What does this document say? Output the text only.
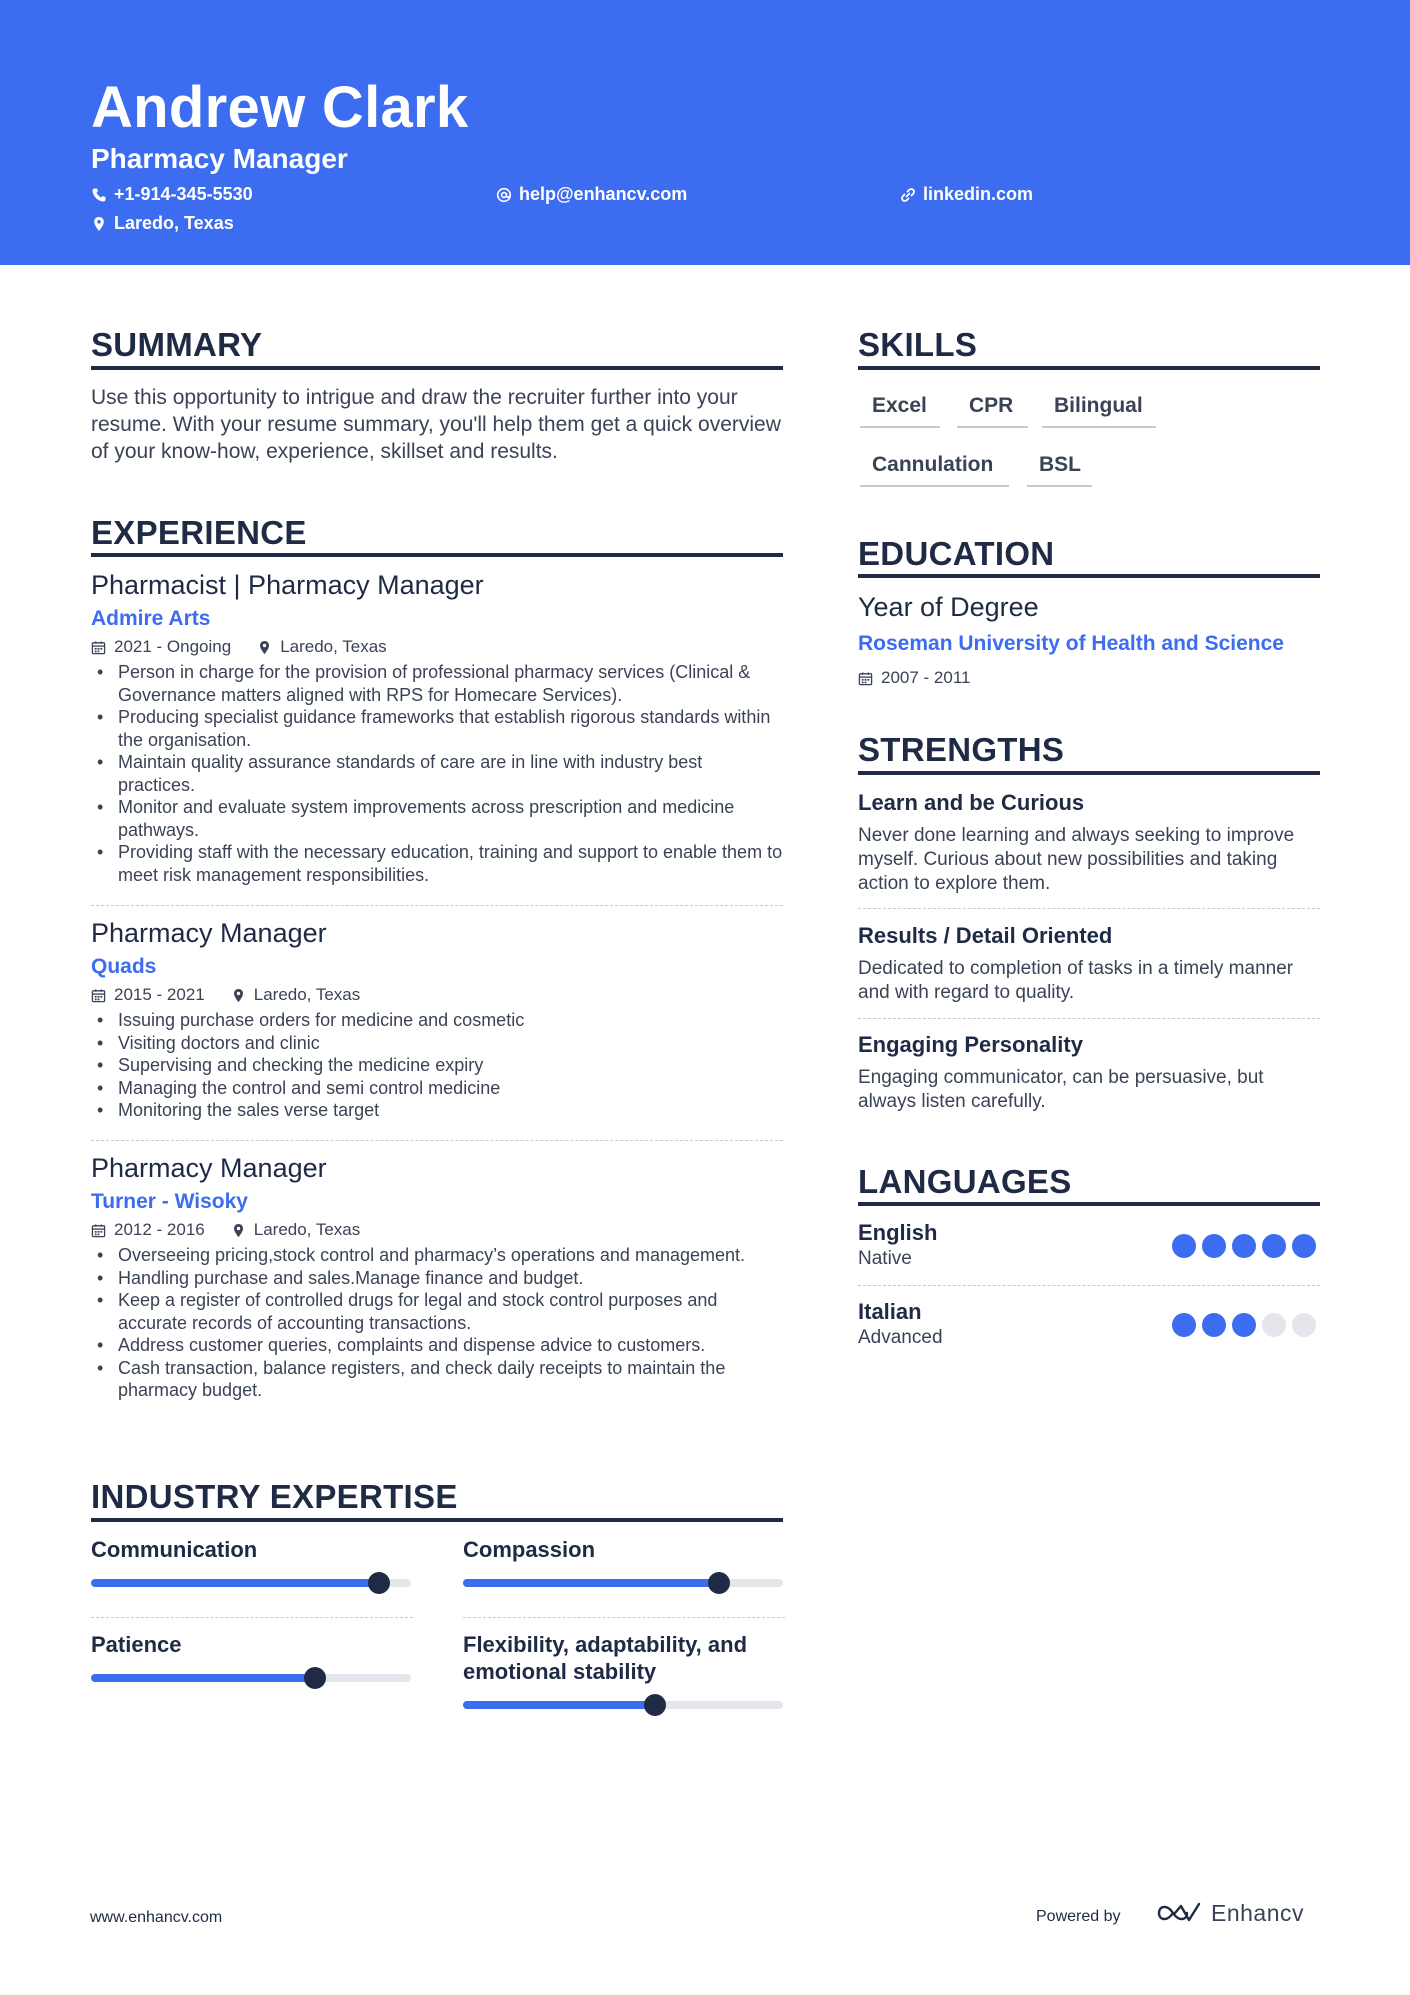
Andrew Clark
Pharmacy Manager
+1-914-345-5530	help@enhancv.com	linkedin.com
Laredo, Texas
SUMMARY
Use this opportunity to intrigue and draw the recruiter further into your resume. With your resume summary, you'll help them get a quick overview of your know-how, experience, skillset and results.
EXPERIENCE
Pharmacist | Pharmacy Manager
Admire Arts
2021 - Ongoing	Laredo, Texas
• Person in charge for the provision of professional pharmacy services (Clinical & Governance matters aligned with RPS for Homecare Services).
• Producing specialist guidance frameworks that establish rigorous standards within the organisation.
• Maintain quality assurance standards of care are in line with industry best practices.
• Monitor and evaluate system improvements across prescription and medicine pathways.
• Providing staff with the necessary education, training and support to enable them to meet risk management responsibilities.
Pharmacy Manager
Quads
2015 - 2021	Laredo, Texas
• Issuing purchase orders for medicine and cosmetic
• Visiting doctors and clinic
• Supervising and checking the medicine expiry
• Managing the control and semi control medicine
• Monitoring the sales verse target
Pharmacy Manager
Turner - Wisoky
2012 - 2016	Laredo, Texas
• Overseeing pricing,stock control and pharmacy’s operations and management.
• Handling purchase and sales.Manage finance and budget.
• Keep a register of controlled drugs for legal and stock control purposes and accurate records of accounting transactions.
• Address customer queries, complaints and dispense advice to customers.
• Cash transaction, balance registers, and check daily receipts to maintain the pharmacy budget.
INDUSTRY EXPERTISE
Communication	Compassion
Patience	Flexibility, adaptability, and emotional stability
SKILLS
Excel	CPR	Bilingual
Cannulation	BSL
EDUCATION
Year of Degree
Roseman University of Health and Science
2007 - 2011
STRENGTHS
Learn and be Curious
Never done learning and always seeking to improve myself. Curious about new possibilities and taking action to explore them.
Results / Detail Oriented
Dedicated to completion of tasks in a timely manner and with regard to quality.
Engaging Personality
Engaging communicator, can be persuasive, but always listen carefully.
LANGUAGES
English
Native
Italian
Advanced
www.enhancv.com	Powered by	Enhancv
